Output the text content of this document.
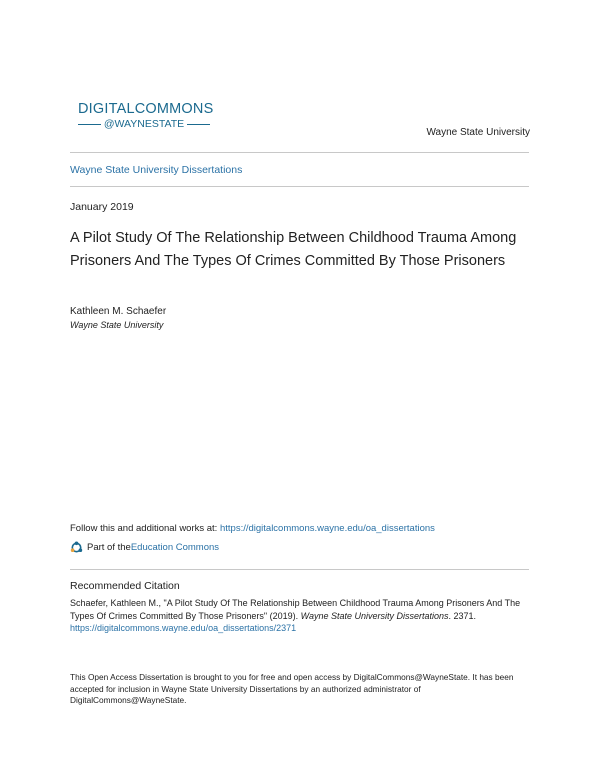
DIGITALCOMMONS
@WAYNESTATE
Wayne State University
Wayne State University Dissertations
January 2019
A Pilot Study Of The Relationship Between Childhood Trauma Among Prisoners And The Types Of Crimes Committed By Those Prisoners
Kathleen M. Schaefer
Wayne State University
Follow this and additional works at: https://digitalcommons.wayne.edu/oa_dissertations
Part of the Education Commons
Recommended Citation
Schaefer, Kathleen M., "A Pilot Study Of The Relationship Between Childhood Trauma Among Prisoners And The Types Of Crimes Committed By Those Prisoners" (2019). Wayne State University Dissertations. 2371.
https://digitalcommons.wayne.edu/oa_dissertations/2371
This Open Access Dissertation is brought to you for free and open access by DigitalCommons@WayneState. It has been accepted for inclusion in Wayne State University Dissertations by an authorized administrator of DigitalCommons@WayneState.
